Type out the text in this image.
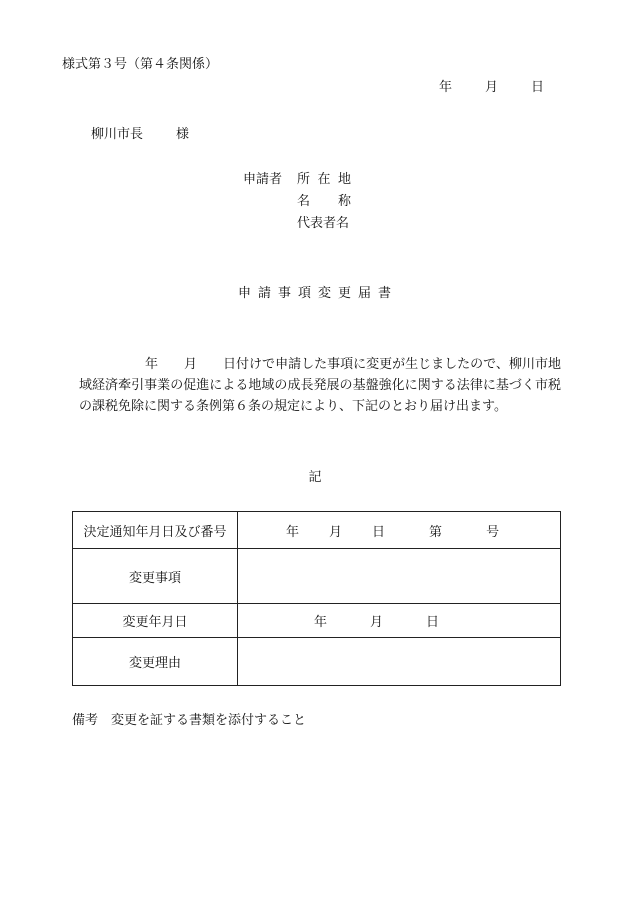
様式第３号（第４条関係）
年	月	日
柳川市長	様
申請者	所 在 地
名 称
代表者名
申請事項変更届書
年 月 日付けで申請した事項に変更が生じましたので、柳川市地域経済牽引事業の促進による地域の成長発展の基盤強化に関する法律に基づく市税の課税免除に関する条例第６条の規定により、下記のとおり届け出ます。
記
決定通知年月日及び番号	年 月 日 第 号

変更事項	
変更年月日	年 月 日

変更理由	
備考　変更を証する書類を添付すること
